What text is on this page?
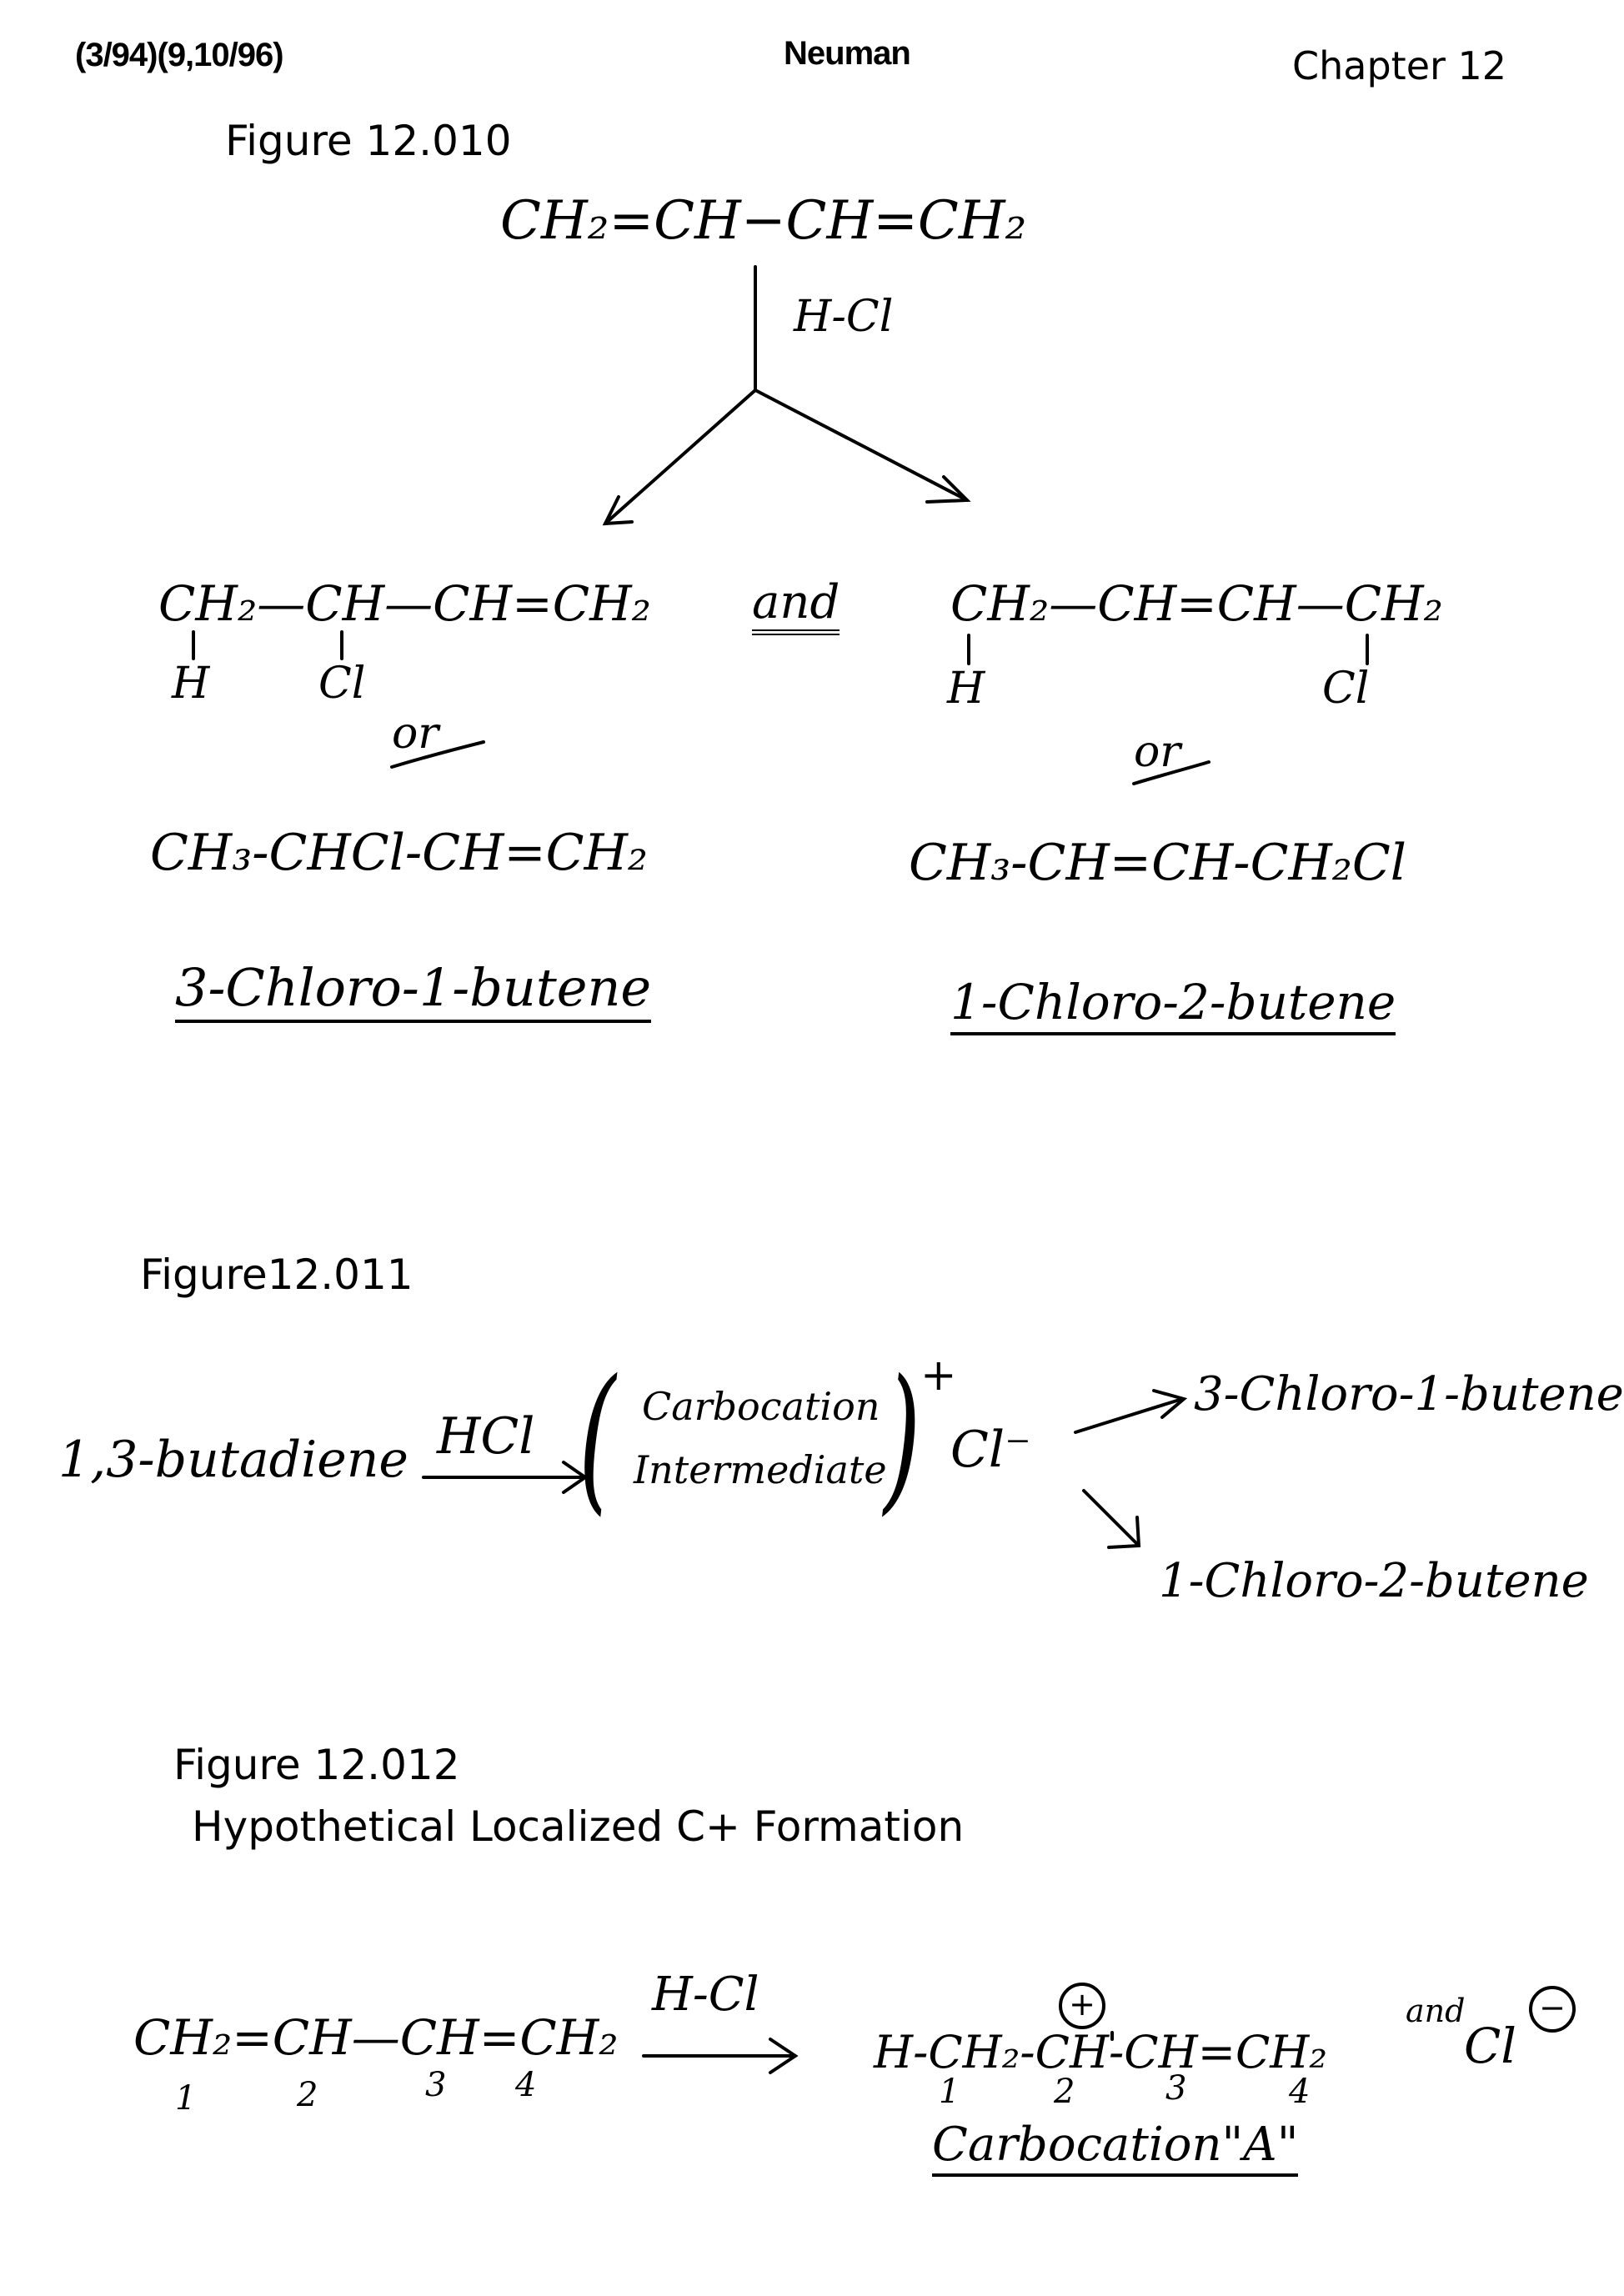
(3/94)(9,10/96)	Neuman	Chapter 12
Figure 12.010
CH₂=CH−CH=CH₂
H-Cl
CH₂—CH—CH=CH₂
H	Cl
and CH₂—CH=CH—CH₂
H	Cl
or	or
CH₃-CHCl-CH=CH₂	CH₃-CH=CH-CH₂Cl
3-Chloro-1-butene	1-Chloro-2-butene
Figure12.011
1,3-butadiene HCl ( Carbocation
Intermediate
) +
Cl⁻
3-Chloro-1-butene
1-Chloro-2-butene
Figure 12.012
Hypothetical Localized C+ Formation
CH₂=CH—CH=CH₂
1	2	3 4
H-Cl	+
H-CH₂-CH-CH=CH₂
and
Cl
−
1	2	3	4
Carbocation"A"
